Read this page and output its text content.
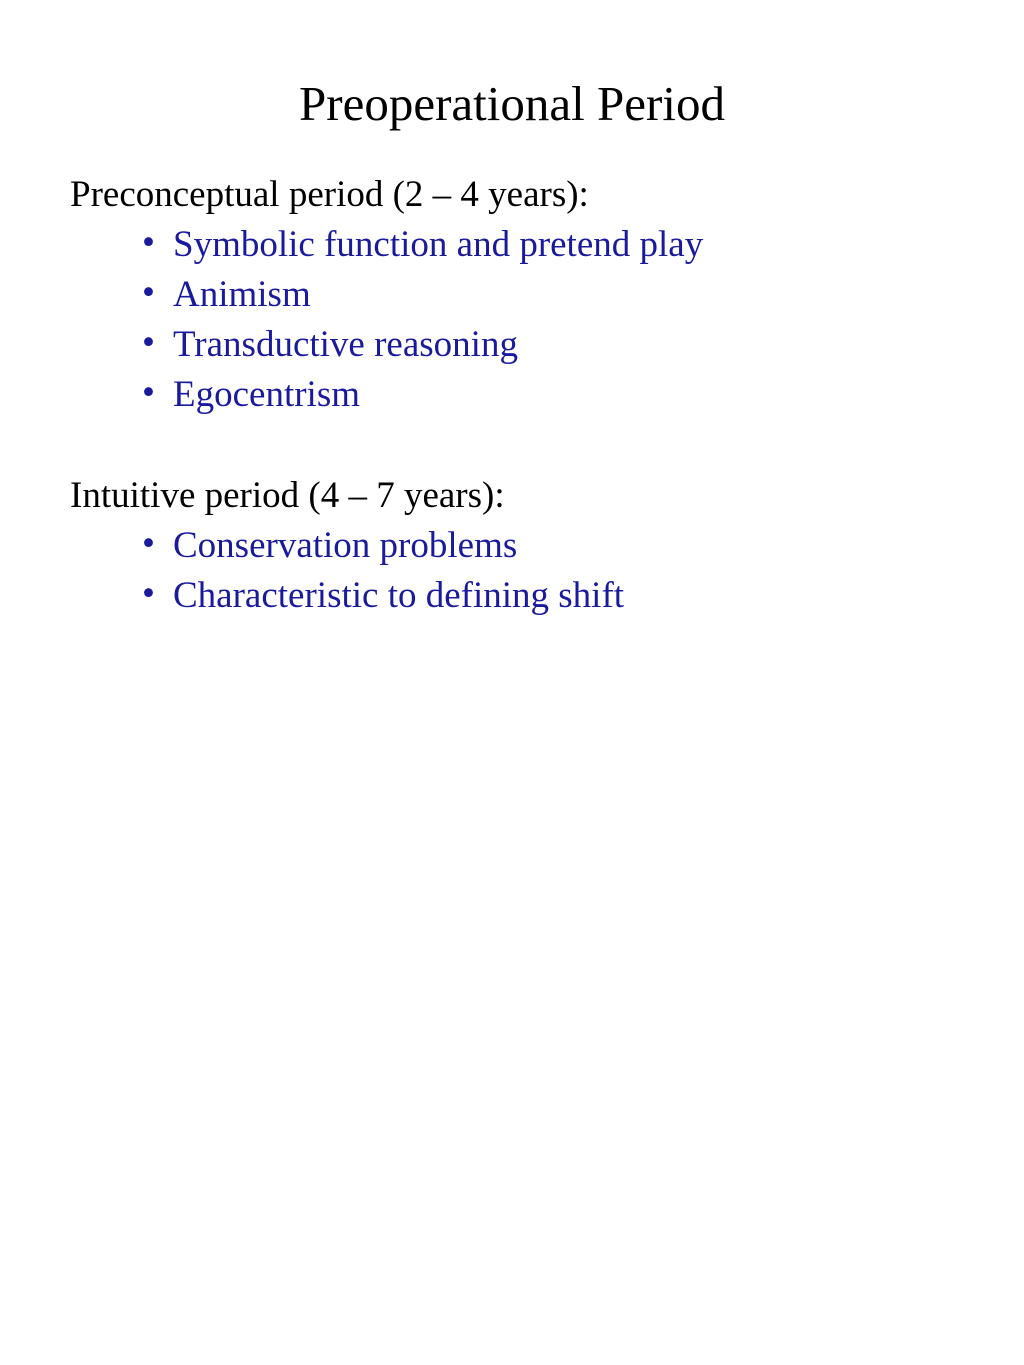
Preoperational Period
Preconceptual period (2 – 4 years):
• Symbolic function and pretend play
• Animism
• Transductive reasoning
• Egocentrism
Intuitive period (4 – 7 years):
• Conservation problems
• Characteristic to defining shift
